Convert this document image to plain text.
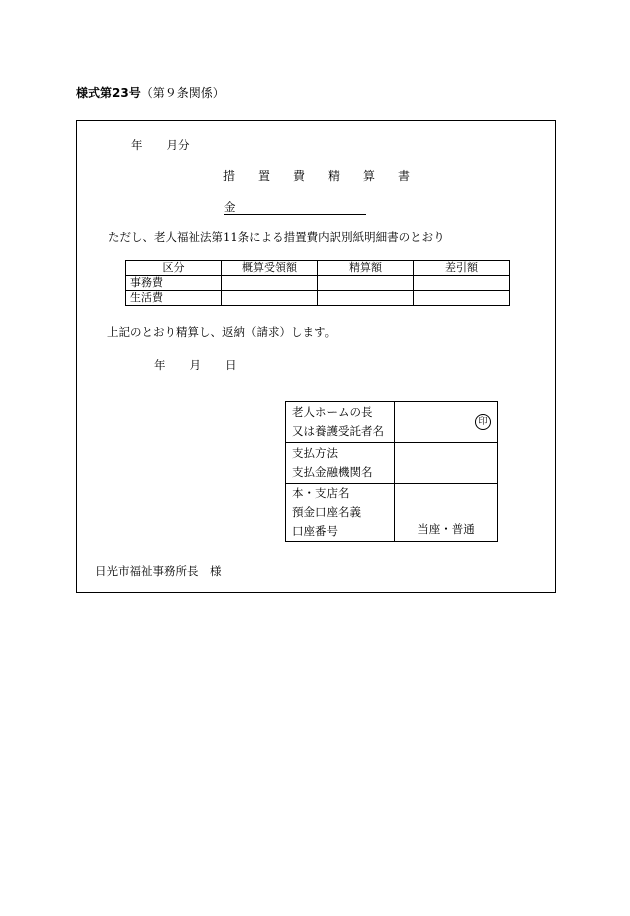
様式第23号（第９条関係）
年 月分
措 置 費 精 算 書
金
ただし、老人福祉法第11条による措置費内訳別紙明細書のとおり
区分	概算受領額	精算額	差引額
事務費			
生活費			
上記のとおり精算し、返納（請求）します。
年 月 日
老人ホームの長
又は養護受託者名	印

支払方法
支払金融機関名	

本・支店名
預金口座名義
口座番号	当座・普通
日光市福祉事務所長　様
